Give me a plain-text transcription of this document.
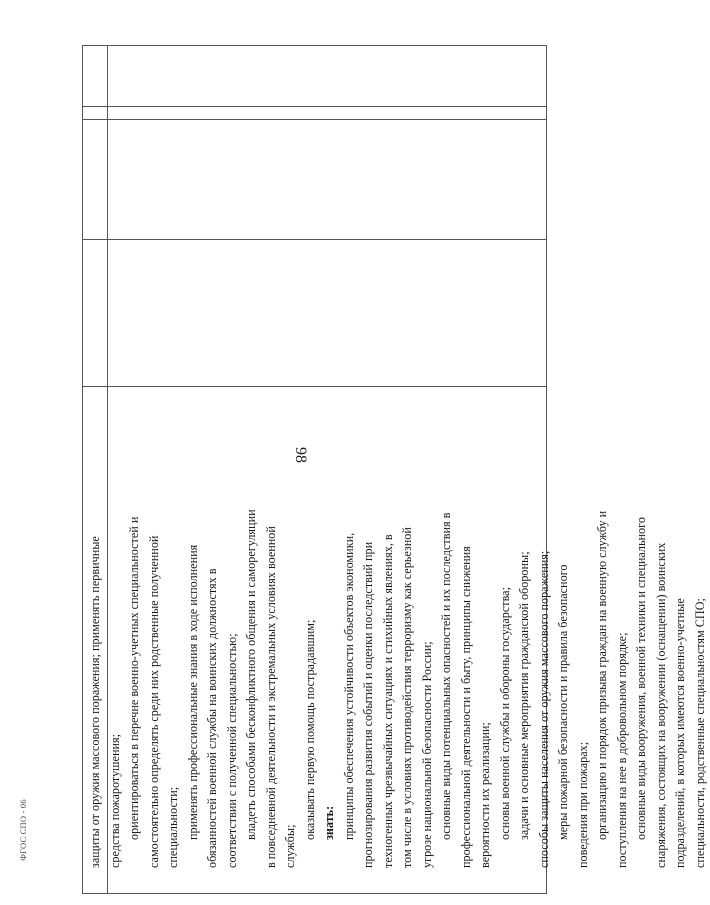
98
защиты от оружия массового поражения; применять первичные средства пожаротушения; ориентироваться в перечне военно-учетных специальностей и самостоятельно определять среди них родственные полученной специальности; применять профессиональные знания в ходе исполнения обязанностей военной службы на воинских должностях в соответствии с полученной специальностью; владеть способами бесконфликтного общения и саморегуляции в повседневной деятельности и экстремальных условиях военной службы;
оказывать первую помощь пострадавшим; знать: принципы обеспечения устойчивости объектов экономики, прогнозирования развития событий и оценки последствий при техногенных чрезвычайных ситуациях и стихийных явлениях, в том числе в условиях противодействия терроризму как серьезной угрозе национальной безопасности России; основные виды потенциальных опасностей и их последствия в профессиональной деятельности и быту, принципы снижения вероятности их реализации; основы военной службы и обороны государства; задачи и основные мероприятия гражданской обороны; способы защиты населения от оружия массового поражения; меры пожарной безопасности и правила безопасного поведения при пожарах; организацию и порядок призыва граждан на военную службу и поступления на нее в добровольном порядке; основные виды вооружения, военной техники и специального снаряжения, состоящих на вооружении (оснащении) воинских подразделений, в которых имеются военно-учетные специальности, родственные специальностям СПО;
ФГОС СПО - 06
